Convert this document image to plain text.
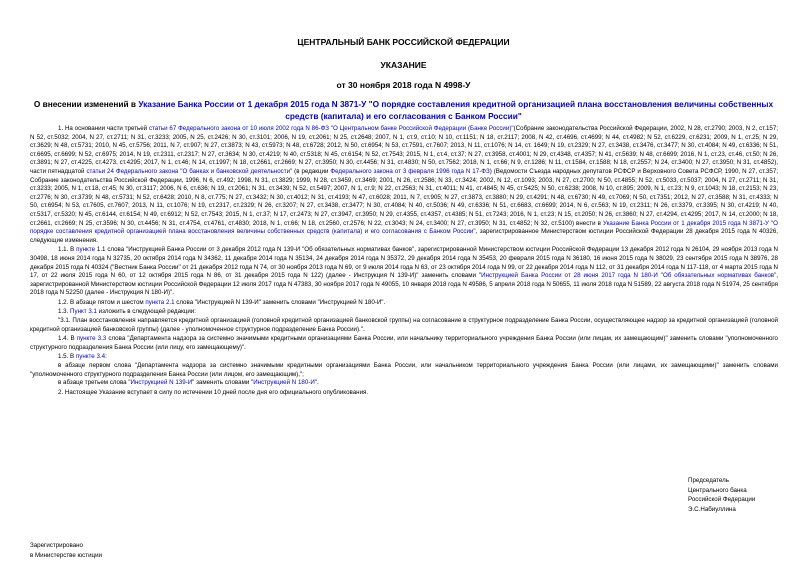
ЦЕНТРАЛЬНЫЙ БАНК РОССИЙСКОЙ ФЕДЕРАЦИИ
УКАЗАНИЕ
от 30 ноября 2018 года N 4998-У
О внесении изменений в Указание Банка России от 1 декабря 2015 года N 3871-У "О порядке составления кредитной организацией плана восстановления величины собственных средств (капитала) и его согласования с Банком России"

1. На основании части третьей статьи 67 Федерального закона от 10 июля 2002 года N 86-ФЗ "О Центральном банке Российской Федерации (Банке России)"(Собрание законодательства Российской Федерации, 2002, N 28, ст.2790; 2003, N 2, ст.157; N 52, ст.5032; 2004, N 27, ст.2711; N 31, ст.3233; 2005, N 25, ст.2426; N 30, ст.3101; 2006, N 19, ст.2061; N 25, ст.2648; 2007, N 1, ст.9, ст.10; N 10, ст.1151; N 18, ст.2117; 2008, N 42, ст.4696, ст.4699; N 44, ст.4982; N 52, ст.6229, ст.6231; 2009, N 1, ст.25; N 29, ст.3629; N 48, ст.5731; 2010, N 45, ст.5756; 2011, N 7, ст.907; N 27, ст.3873; N 43, ст.5973; N 48, ст.6728; 2012, N 50, ст.6954; N 53, ст.7591, ст.7607; 2013, N 11, ст.1076; N 14, ст. 1649; N 19, ст.2329; N 27, ст.3438, ст.3476, ст.3477; N 30, ст.4084; N 49, ст.6336; N 51, ст.6695, ст.6699; N 52, ст.6975; 2014, N 19, ст.2311, ст.2317; N 27, ст.3634; N 30, ст.4219; N 40, ст.5318; N 45, ст.6154; N 52, ст.7543; 2015, N 1, ст.4, ст.37; N 27, ст.3958, ст.4001; N 29, ст.4348, ст.4357; N 41, ст.5639; N 48, ст.6699; 2016, N 1, ст.23, ст.46, ст.50; N 26, ст.3891; N 27, ст.4225, ст.4273, ст.4295; 2017, N 1, ст.46; N 14, ст.1997; N 18, ст.2661, ст.2669; N 27, ст.3950; N 30, ст.4456; N 31, ст.4830; N 50, ст.7562; 2018, N 1, ст.66; N 9, ст.1286; N 11, ст.1584, ст.1588; N 18, ст.2557; N 24, ст.3400; N 27, ст.3950; N 31, ст.4852), части пятнадцатой статьи 24 Федерального закона "О банках и банковской деятельности" (в редакции Федерального закона от 3 февраля 1996 года N 17-ФЗ) (Ведомости Съезда народных депутатов РСФСР и Верховного Совета РСФСР, 1990, N 27, ст.357; Собрание законодательства Российской Федерации, 1996, N 6, ст.492; 1998, N 31, ст.3829; 1999, N 28, ст.3459, ст.3469; 2001, N 26, ст.2586; N 33, ст.3424; 2002, N 12, ст.1093; 2003, N 27, ст.2700; N 50, ст.4855; N 52, ст.5033, ст.5037; 2004, N 27, ст.2711; N 31, ст.3233; 2005, N 1, ст.18, ст.45; N 30, ст.3117; 2006, N 6, ст.636; N 19, ст.2061; N 31, ст.3439; N 52, ст.5497; 2007, N 1, ст.9; N 22, ст.2563; N 31, ст.4011; N 41, ст.4845; N 45, ст.5425; N 50, ст.6238; 2008, N 10, ст.895; 2009, N 1, ст.23; N 9, ст.1043; N 18, ст.2153; N 23, ст.2776; N 30, ст.3739; N 48, ст.5731; N 52, ст.6428; 2010, N 8, ст.775; N 27, ст.3432; N 30, ст.4012; N 31, ст.4193; N 47, ст.6028; 2011, N 7, ст.905; N 27, ст.3873, ст.3880; N 29, ст.4291; N 48, ст.6730; N 49, ст.7069; N 50, ст.7351; 2012, N 27, ст.3588; N 31, ст.4333; N 50, ст.6954; N 53, ст.7605, ст.7607; 2013, N 11, ст.1076; N 19, ст.2317, ст.2329; N 26, ст.3207; N 27, ст.3438, ст.3477; N 30, ст.4084; N 40, ст.5036; N 49, ст.6336; N 51, ст.6683, ст.6699; 2014, N 6, ст.563; N 19, ст.2311; N 26, ст.3379, ст.3395; N 30, ст.4219; N 40, ст.5317, ст.5320; N 45, ст.6144, ст.6154; N 49, ст.6912; N 52, ст.7543; 2015, N 1, ст.37; N 17, ст.2473; N 27, ст.3947, ст.3950; N 29, ст.4355, ст.4357, ст.4385; N 51, ст.7243; 2016, N 1, ст.23; N 15, ст.2050; N 26, ст.3860; N 27, ст.4294, ст.4295; 2017, N 14, ст.2000; N 18, ст.2661, ст.2669; N 25, ст.3596; N 30, ст.4456; N 31, ст.4754, ст.4761, ст.4830; 2018, N 1, ст.66; N 18, ст.2560, ст.2576; N 22, ст.3043; N 24, ст.3400; N 27, ст.3950; N 31, ст.4852; N 32, ст.5100) внести в Указание Банка России от 1 декабря 2015 года N 3871-У "О порядке составления кредитной организацией плана восстановления величины собственных средств (капитала) и его согласования с Банком России", зарегистрированное Министерством юстиции Российской Федерации 28 декабря 2015 года N 40326, следующие изменения.

1.1. В пункте 1.1 слова "Инструкцией Банка России от 3 декабря 2012 года N 139-И "Об обязательных нормативах банков", зарегистрированной Министерством юстиции Российской Федерации 13 декабря 2012 года N 26104, 29 ноября 2013 года N 30498, 18 июня 2014 года N 32735, 20 октября 2014 года N 34362, 11 декабря 2014 года N 35134, 24 декабря 2014 года N 35372, 29 декабря 2014 года N 35453, 20 февраля 2015 года N 36180, 16 июня 2015 года N 38029, 23 сентября 2015 года N 38976, 28 декабря 2015 года N 40324 ("Вестник Банка России" от 21 декабря 2012 года N 74, от 30 ноября 2013 года N 69, от 9 июля 2014 года N 63, от 23 октября 2014 года N 99, от 22 декабря 2014 года N 112, от 31 декабря 2014 года N 117-118, от 4 марта 2015 года N 17, от 22 июля 2015 года N 60, от 12 октября 2015 года N 86, от 31 декабря 2015 года N 122) (далее - Инструкция N 139-И)" заменить словами "Инструкцией Банка России от 28 июня 2017 года N 180-И "Об обязательных нормативах банков", зарегистрированной Министерством юстиции Российской Федерации 12 июля 2017 года N 47383, 30 ноября 2017 года N 49055, 10 января 2018 года N 49586, 5 апреля 2018 года N 50655, 11 июля 2018 года N 51589, 22 августа 2018 года N 51974, 25 сентября 2018 года N 52250 (далее - Инструкция N 180-И)".

1.2. В абзаце пятом и шестом пункта 2.1 слова "Инструкцией N 139-И" заменить словами "Инструкцией N 180-И".

1.3. Пункт 3.1 изложить в следующей редакции:

"3.1. План восстановления направляется кредитной организацией (головной кредитной организацией банковской группы) на согласование в структурное подразделение Банка России, осуществляющее надзор за кредитной организацией (головной кредитной организацией банковской группы) (далее - уполномоченное структурное подразделение Банка России).".

1.4. В пункте 3.3 слова "Департамента надзора за системно значимыми кредитными организациями Банка России, или начальнику территориального учреждения Банка России (или лицам, их замещающим)" заменить словами "уполномоченного структурного подразделения Банка России (или лицу, его замещающему)".

1.5. В пункте 3.4:

в абзаце первом слова "Департамента надзора за системно значимыми кредитными организациями Банка России, или начальником территориального учреждения Банка России (или лицами, их замещающими)" заменить словами "уполномоченного структурного подразделения Банка России (или лицом, его замещающим),";

в абзаце третьем слова "Инструкцией N 139-И" заменить словами "Инструкцией N 180-И".

2. Настоящее Указание вступает в силу по истечении 10 дней после дня его официального опубликования.

Председатель
Центрального банка
Российской Федерации
Э.С.Набиуллина
Зарегистрировано
в Министерстве юстиции
